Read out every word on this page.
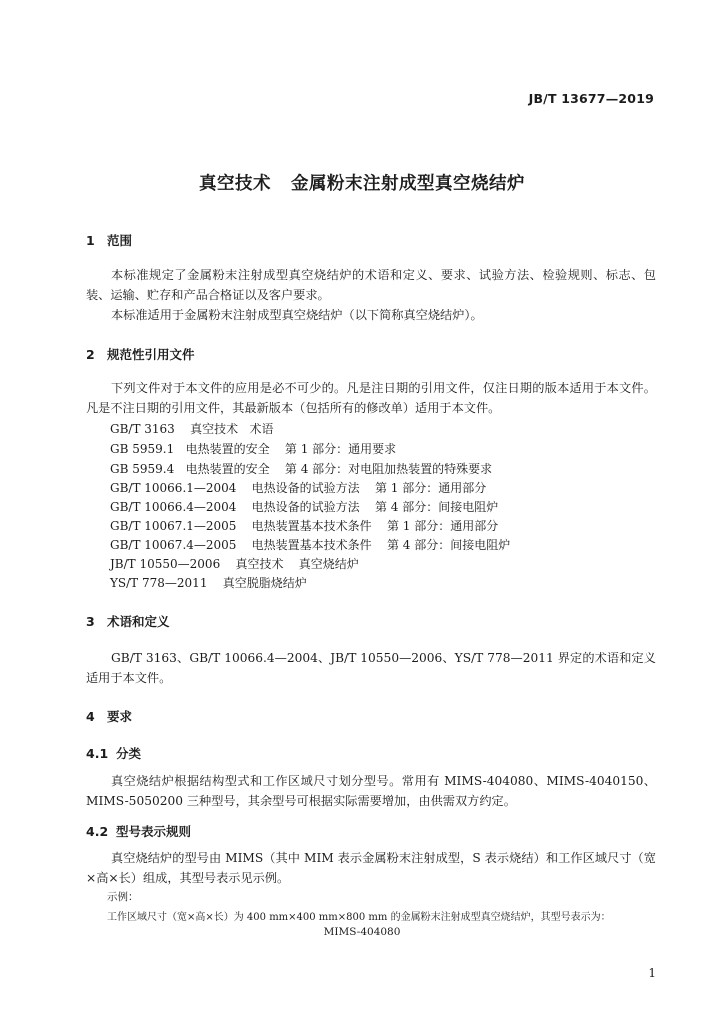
JB/T 13677—2019
真空技术 金属粉末注射成型真空烧结炉
1 范围
本标准规定了金属粉末注射成型真空烧结炉的术语和定义、要求、试验方法、检验规则、标志、包装、运输、贮存和产品合格证以及客户要求。
本标准适用于金属粉末注射成型真空烧结炉（以下简称真空烧结炉）。
2 规范性引用文件
下列文件对于本文件的应用是必不可少的。凡是注日期的引用文件，仅注日期的版本适用于本文件。凡是不注日期的引用文件，其最新版本（包括所有的修改单）适用于本文件。
GB/T 3163    真空技术   术语
GB 5959.1   电热装置的安全    第 1 部分：通用要求
GB 5959.4   电热装置的安全    第 4 部分：对电阻加热装置的特殊要求
GB/T 10066.1—2004    电热设备的试验方法    第 1 部分：通用部分
GB/T 10066.4—2004    电热设备的试验方法    第 4 部分：间接电阻炉
GB/T 10067.1—2005    电热装置基本技术条件    第 1 部分：通用部分
GB/T 10067.4—2005    电热装置基本技术条件    第 4 部分：间接电阻炉
JB/T 10550—2006    真空技术    真空烧结炉
YS/T 778—2011    真空脱脂烧结炉
3 术语和定义
GB/T 3163、GB/T 10066.4—2004、JB/T 10550—2006、YS/T 778—2011 界定的术语和定义适用于本文件。
4 要求
4.1 分类
真空烧结炉根据结构型式和工作区域尺寸划分型号。常用有 MIMS-404080、MIMS-4040150、MIMS-5050200 三种型号，其余型号可根据实际需要增加，由供需双方约定。
4.2 型号表示规则
真空烧结炉的型号由 MIMS（其中 MIM 表示金属粉末注射成型，S 表示烧结）和工作区域尺寸（宽×高×长）组成，其型号表示见示例。
示例：
工作区域尺寸（宽×高×长）为 400 mm×400 mm×800 mm 的金属粉末注射成型真空烧结炉，其型号表示为：
MIMS-404080
1
